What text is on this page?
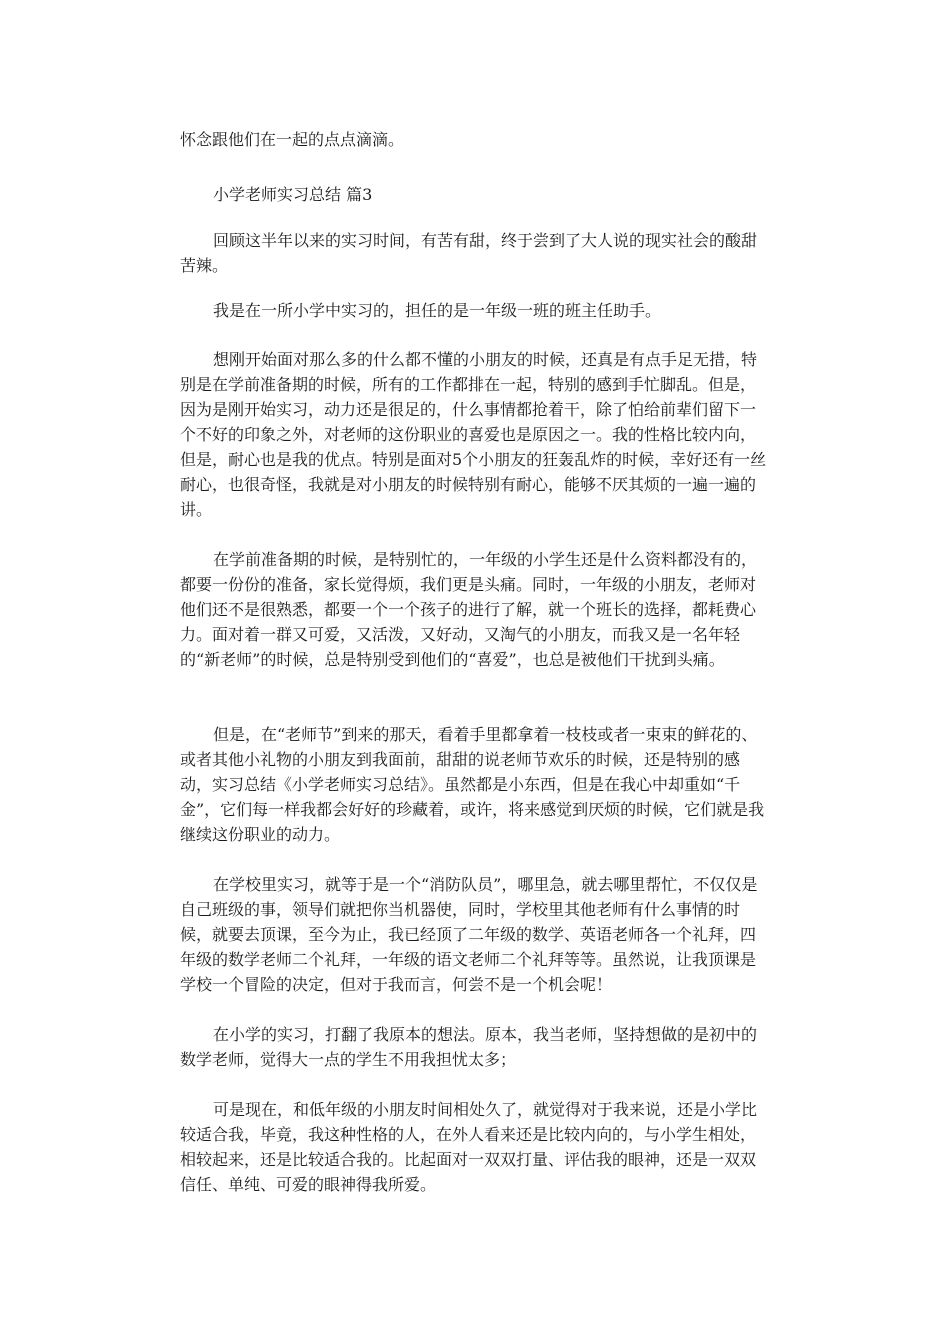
怀念跟他们在一起的点点滴滴。

小学老师实习总结 篇3

回顾这半年以来的实习时间，有苦有甜，终于尝到了大人说的现实社会的酸甜苦辣。

我是在一所小学中实习的，担任的是一年级一班的班主任助手。

想刚开始面对那么多的什么都不懂的小朋友的时候，还真是有点手足无措，特别是在学前准备期的时候，所有的工作都排在一起，特别的感到手忙脚乱。但是，因为是刚开始实习，动力还是很足的，什么事情都抢着干，除了怕给前辈们留下一个不好的印象之外，对老师的这份职业的喜爱也是原因之一。我的性格比较内向，但是，耐心也是我的优点。特别是面对5个小朋友的狂轰乱炸的时候，幸好还有一丝耐心，也很奇怪，我就是对小朋友的时候特别有耐心，能够不厌其烦的一遍一遍的讲。

在学前准备期的时候，是特别忙的，一年级的小学生还是什么资料都没有的，都要一份份的准备，家长觉得烦，我们更是头痛。同时，一年级的小朋友，老师对他们还不是很熟悉，都要一个一个孩子的进行了解，就一个班长的选择，都耗费心力。面对着一群又可爱，又活泼，又好动，又淘气的小朋友，而我又是一名年轻的“新老师”的时候，总是特别受到他们的“喜爱”，也总是被他们干扰到头痛。

但是，在“老师节”到来的那天，看着手里都拿着一枝枝或者一束束的鲜花的、或者其他小礼物的小朋友到我面前，甜甜的说老师节欢乐的时候，还是特别的感动，实习总结《小学老师实习总结》。虽然都是小东西，但是在我心中却重如“千金”，它们每一样我都会好好的珍藏着，或许，将来感觉到厌烦的时候，它们就是我继续这份职业的动力。

在学校里实习，就等于是一个“消防队员”，哪里急，就去哪里帮忙，不仅仅是自己班级的事，领导们就把你当机器使，同时，学校里其他老师有什么事情的时候，就要去顶课，至今为止，我已经顶了二年级的数学、英语老师各一个礼拜，四年级的数学老师二个礼拜，一年级的语文老师二个礼拜等等。虽然说，让我顶课是学校一个冒险的决定，但对于我而言，何尝不是一个机会呢！

在小学的实习，打翻了我原本的想法。原本，我当老师，坚持想做的是初中的数学老师，觉得大一点的学生不用我担忧太多；

可是现在，和低年级的小朋友时间相处久了，就觉得对于我来说，还是小学比较适合我，毕竟，我这种性格的人，在外人看来还是比较内向的，与小学生相处，相较起来，还是比较适合我的。比起面对一双双打量、评估我的眼神，还是一双双信任、单纯、可爱的眼神得我所爱。
